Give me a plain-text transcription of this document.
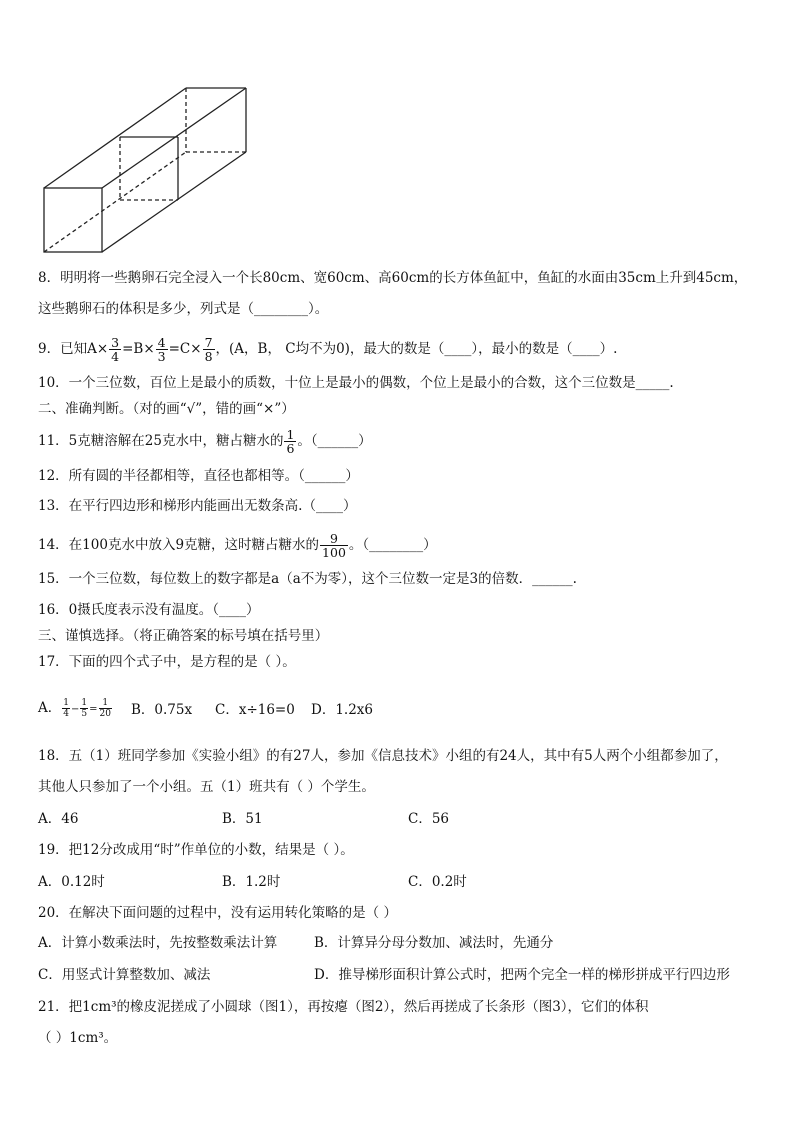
8．明明将一些鹅卵石完全浸入一个长80cm、宽60cm、高60cm的长方体鱼缸中，鱼缸的水面由35cm上升到45cm，
这些鹅卵石的体积是多少，列式是（________）。
9．已知$A\times \frac{3}{4} =B\times \frac{4}{3} =C\times \frac{7}{8}$ ，(A，B， C均不为0)，最大的数是（____），最小的数是（____）.
10．一个三位数，百位上是最小的质数，十位上是最小的偶数，个位上是最小的合数，这个三位数是_____.
二、准确判断。（对的画“√”，错的画“×”）
11．5克糖溶解在25克水中，糖占糖水的 $\frac{1}{6}$ 。（______）
12．所有圆的半径都相等，直径也都相等。（______）
13．在平行四边形和梯形内能画出无数条高.（____）
14．在100克水中放入9克糖，这时糖占糖水的 $\frac{9}{100}$ 。（________）
15．一个三位数，每位数上的数字都是a（a不为零），这个三位数一定是3的倍数．______.
16．0摄氏度表示没有温度。（____）
三、谨慎选择。（将正确答案的标号填在括号里）
17．下面的四个式子中，是方程的是（ ）。
A． $\frac{1}{4} - \frac{1}{5} = \frac{1}{20}$ B．0.75x C．x÷16=0 D．1.2x6
18．五（1）班同学参加《实验小组》的有27人，参加《信息技术》小组的有24人，其中有5人两个小组都参加了，
其他人只参加了一个小组。五（1）班共有（ ）个学生。
A．46	B．51	C．56
19．把12分改成用“时”作单位的小数，结果是（ ）。
A．0.12时	B．1.2时	C．0.2时
20．在解决下面问题的过程中，没有运用转化策略的是（ ）
A．计算小数乘法时，先按整数乘法计算	B．计算异分母分数加、减法时，先通分
C．用竖式计算整数加、减法	D．推导梯形面积计算公式时，把两个完全一样的梯形拼成平行四边形
21．把1cm³的橡皮泥搓成了小圆球（图1），再按瘪（图2），然后再搓成了长条形（图3），它们的体积
（ ）1cm³。
